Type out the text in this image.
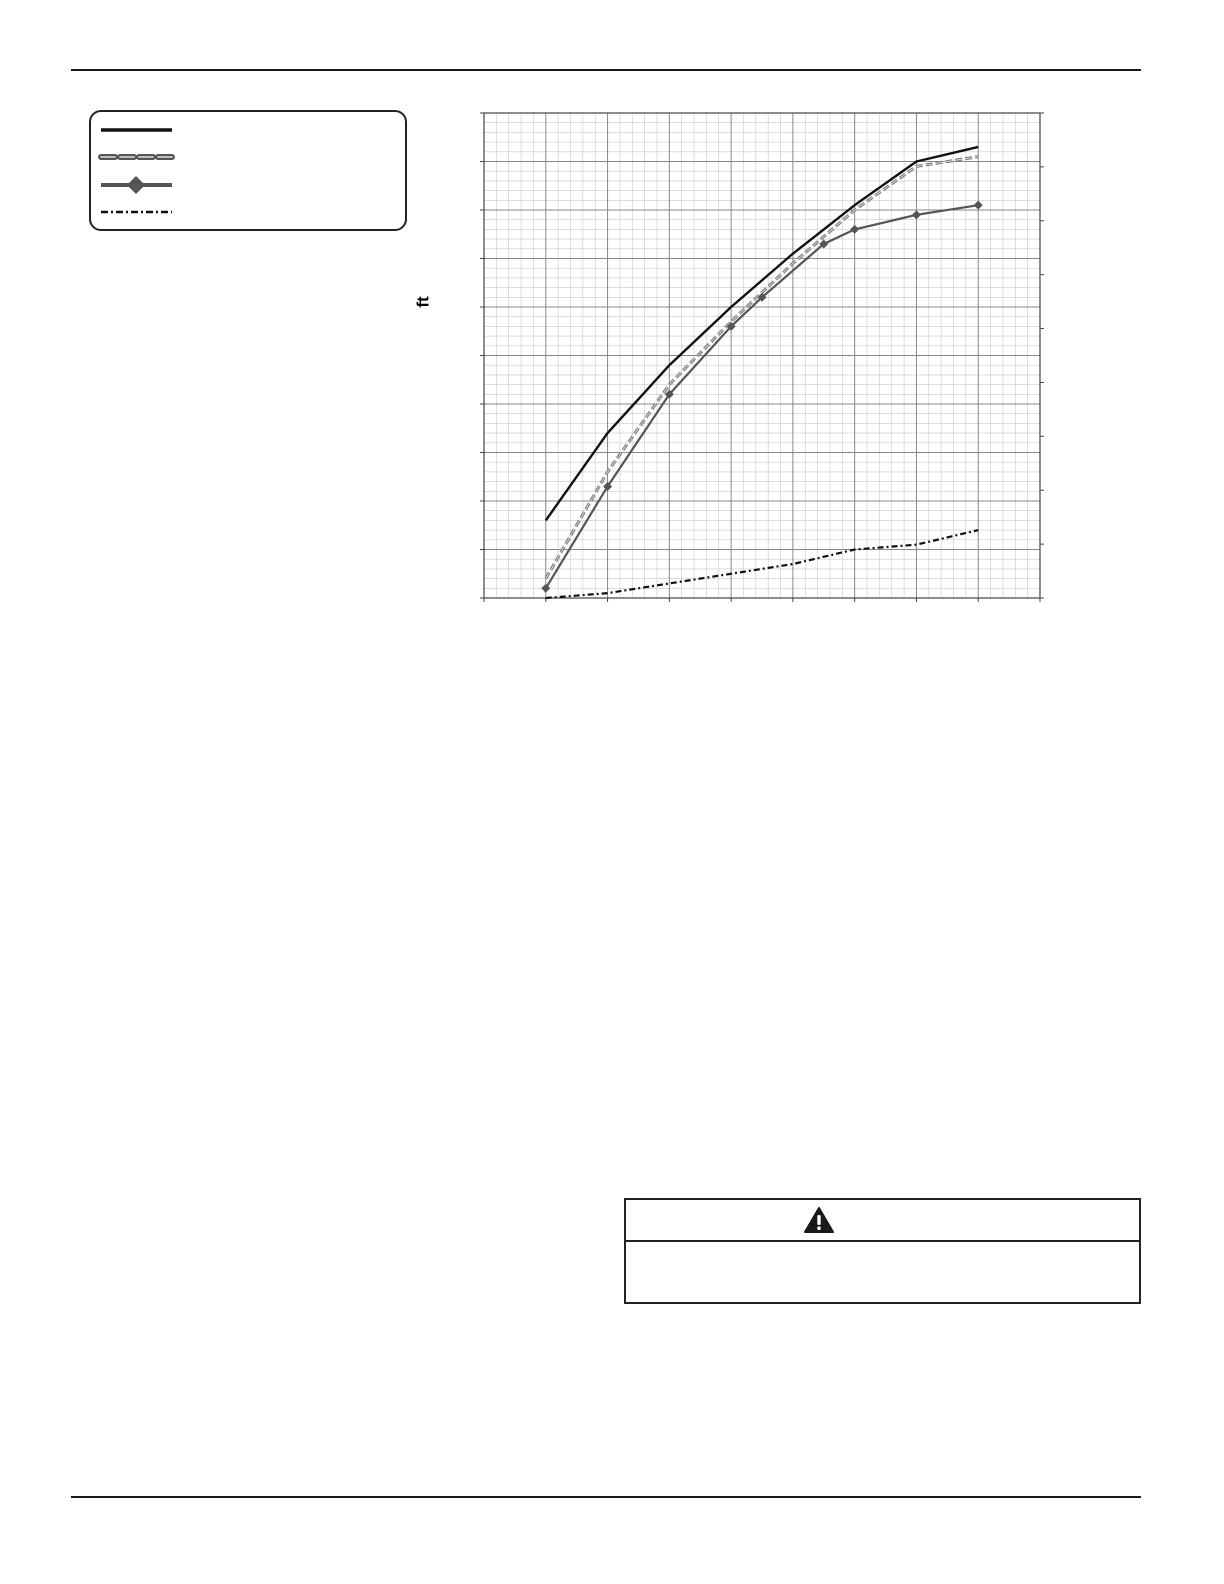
ft
